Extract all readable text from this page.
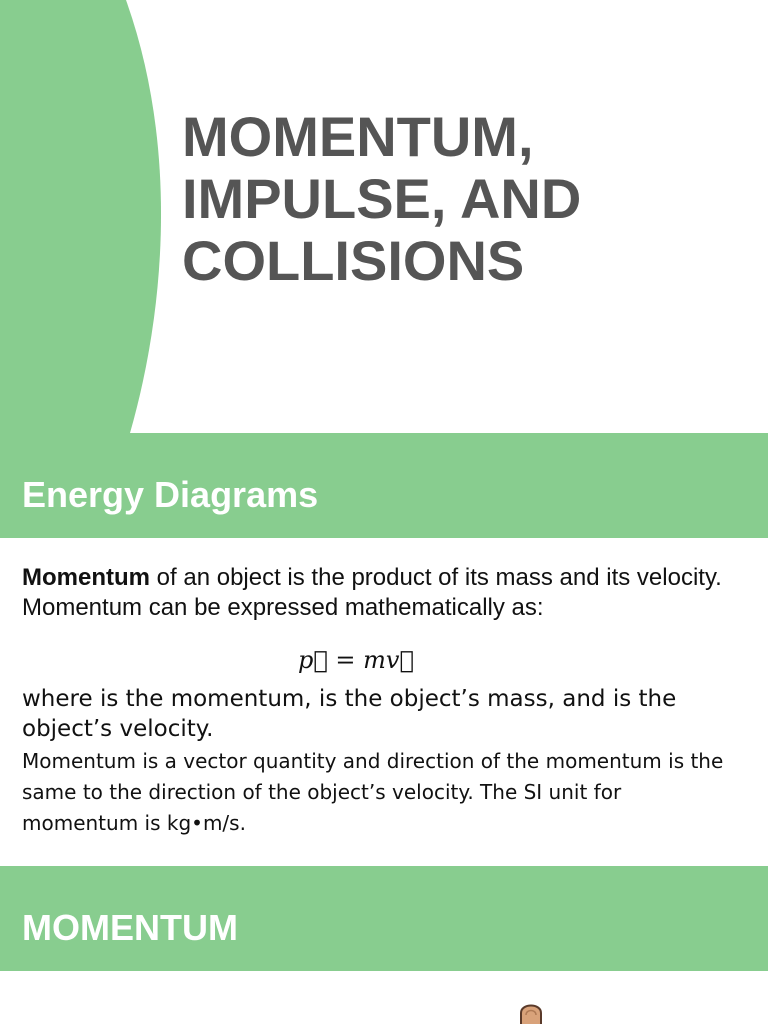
MOMENTUM,
IMPULSE, AND
COLLISIONS
Energy Diagrams

Momentum of an object is the product of its mass and its velocity. Momentum can be expressed mathematically as:

p⃗ = mv⃗

where is the momentum, is the object’s mass, and is the object’s velocity.

Momentum is a vector quantity and direction of the momentum is the same to the direction of the object’s velocity. The SI unit for momentum is kg•m/s.

MOMENTUM
